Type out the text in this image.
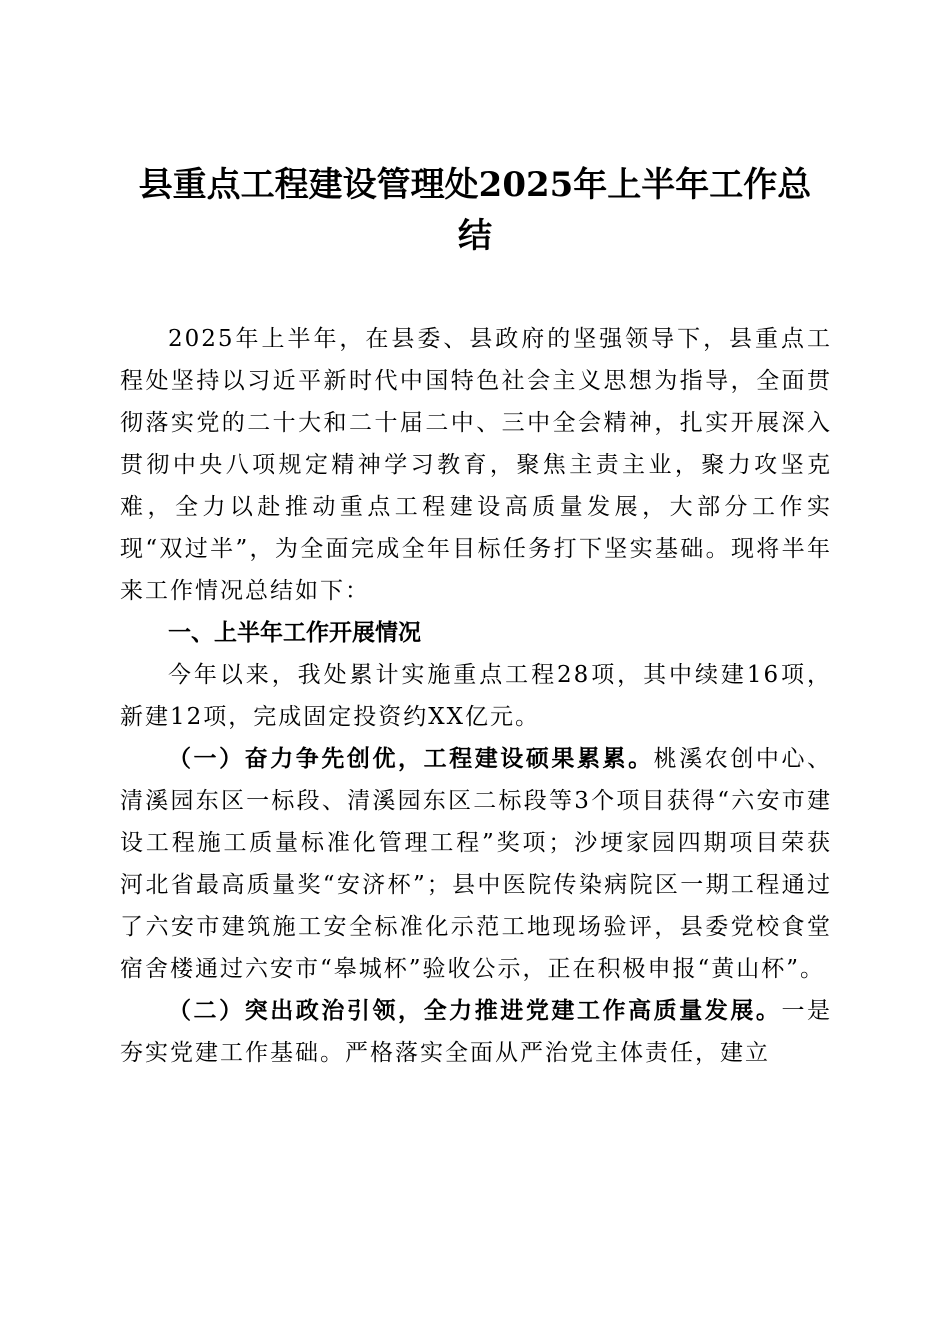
县重点工程建设管理处2025年上半年工作总
结

2025年上半年，在县委、县政府的坚强领导下，县重点工程处坚持以习近平新时代中国特色社会主义思想为指导，全面贯彻落实党的二十大和二十届二中、三中全会精神，扎实开展深入贯彻中央八项规定精神学习教育，聚焦主责主业，聚力攻坚克难，全力以赴推动重点工程建设高质量发展，大部分工作实现“双过半”，为全面完成全年目标任务打下坚实基础。现将半年来工作情况总结如下：

一、上半年工作开展情况

今年以来，我处累计实施重点工程28项，其中续建16项，新建12项，完成固定投资约XX亿元。

（一）奋力争先创优，工程建设硕果累累。桃溪农创中心、清溪园东区一标段、清溪园东区二标段等3个项目获得“六安市建设工程施工质量标准化管理工程”奖项；沙埂家园四期项目荣获河北省最高质量奖“安济杯”；县中医院传染病院区一期工程通过了六安市建筑施工安全标准化示范工地现场验评，县委党校食堂宿舍楼通过六安市“皋城杯”验收公示，正在积极申报“黄山杯”。

（二）突出政治引领，全力推进党建工作高质量发展。一是夯实党建工作基础。严格落实全面从严治党主体责任，建立
